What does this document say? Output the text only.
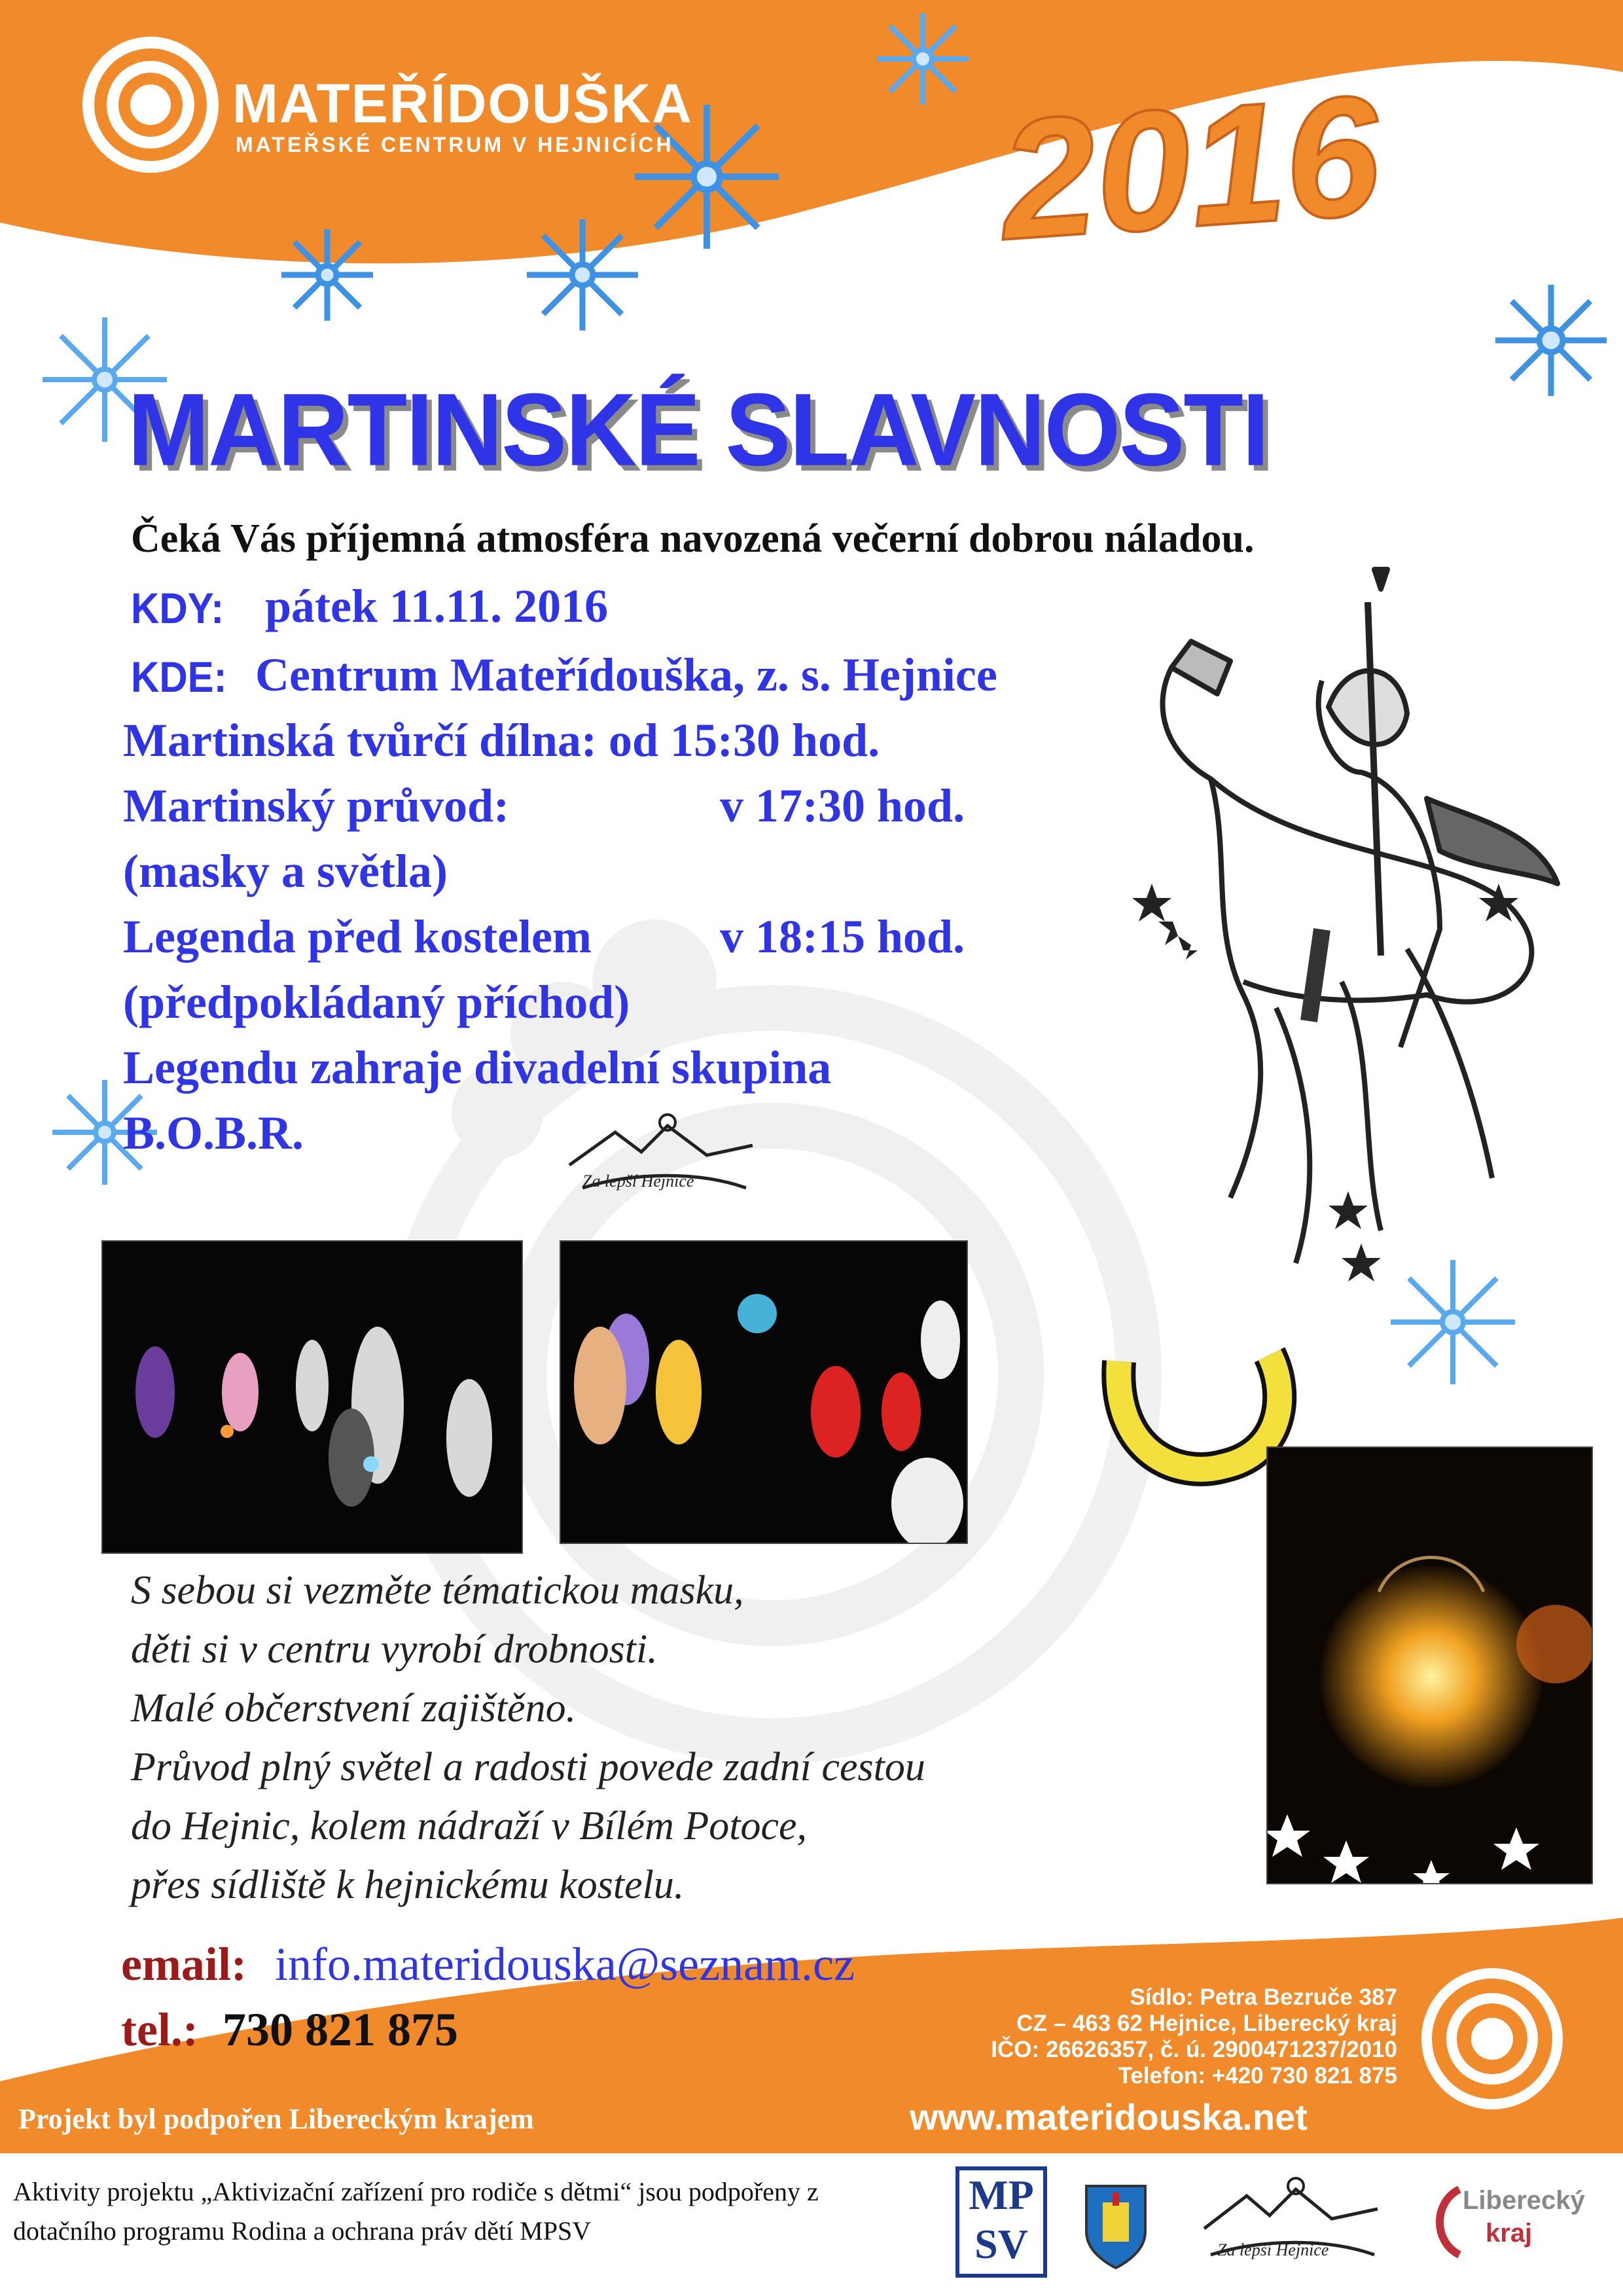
2016
MATEŘÍDOUŠKA
MATEŘSKÉ CENTRUM V HEJNICÍCH
MARTINSKÉ SLAVNOSTI
Čeká Vás příjemná atmosféra navozená večerní dobrou náladou.
KDY: pátek 11.11. 2016
KDE: Centrum Mateřídouška, z. s. Hejnice
Martinská tvůrčí dílna: od 15:30 hod.
Martinský průvod:	v 17:30 hod.
(masky a světla)
Legenda před kostelem	v 18:15 hod.
(předpokládaný příchod)
Legendu zahraje divadelní skupina
B.O.B.R.
Za lepší Hejnice
S sebou si vezměte tématickou masku,
děti si v centru vyrobí drobnosti.
Malé občerstvení zajištěno.
Průvod plný světel a radosti povede zadní cestou
do Hejnic, kolem nádraží v Bílém Potoce,
přes sídliště k hejnickému kostelu.
email: info.materidouska@seznam.cz
tel.: 730 821 875
Sídlo: Petra Bezruče 387
CZ – 463 62 Hejnice, Liberecký kraj
IČO: 26626357, č. ú. 2900471237/2010
Telefon: +420 730 821 875
www.materidouska.net
Projekt byl podpořen Libereckým krajem
Aktivity projektu „Aktivizační zařízení pro rodiče s dětmi“ jsou podpořeny z
dotačního programu Rodina a ochrana práv dětí MPSV
MP
SV	Za lepší Hejnice
Liberecký
kraj
